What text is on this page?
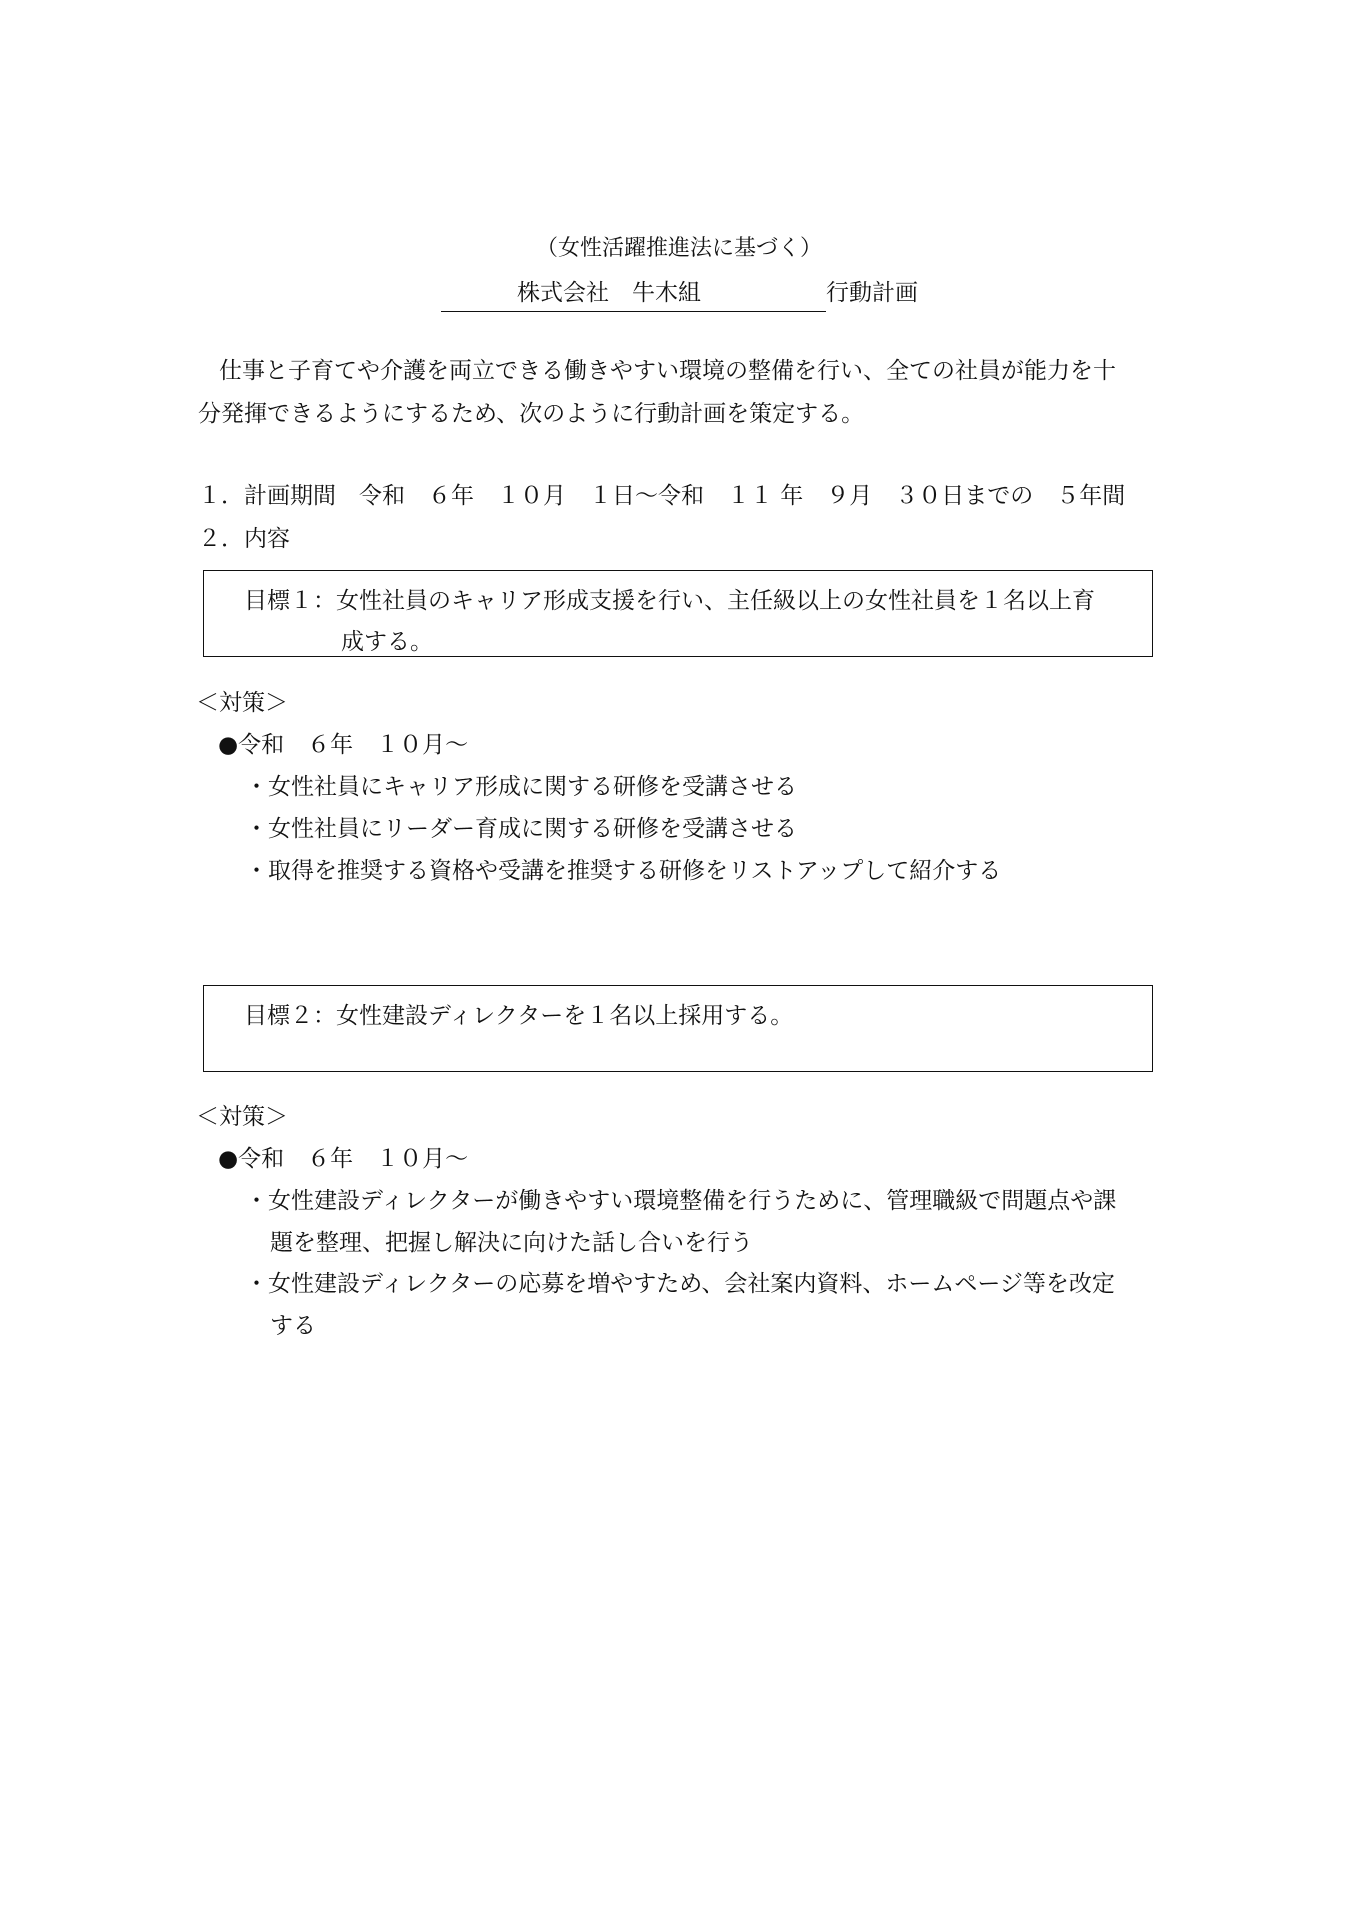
（女性活躍推進法に基づく）
株式会社　牛木組	行動計画
仕事と子育てや介護を両立できる働きやすい環境の整備を行い、全ての社員が能力を十
分発揮できるようにするため、次のように行動計画を策定する。
１．計画期間　令和　６年　１０月　１日～令和　１１ 年　９月　３０日までの　５年間
２．内容
目標１：女性社員のキャリア形成支援を行い、主任級以上の女性社員を１名以上育
成する。
＜対策＞
●令和　６年　１０月～
・女性社員にキャリア形成に関する研修を受講させる
・女性社員にリーダー育成に関する研修を受講させる
・取得を推奨する資格や受講を推奨する研修をリストアップして紹介する
目標２：女性建設ディレクターを１名以上採用する。
＜対策＞
●令和　６年　１０月～
・女性建設ディレクターが働きやすい環境整備を行うために、管理職級で問題点や課
題を整理、把握し解決に向けた話し合いを行う
・女性建設ディレクターの応募を増やすため、会社案内資料、ホームページ等を改定
する
